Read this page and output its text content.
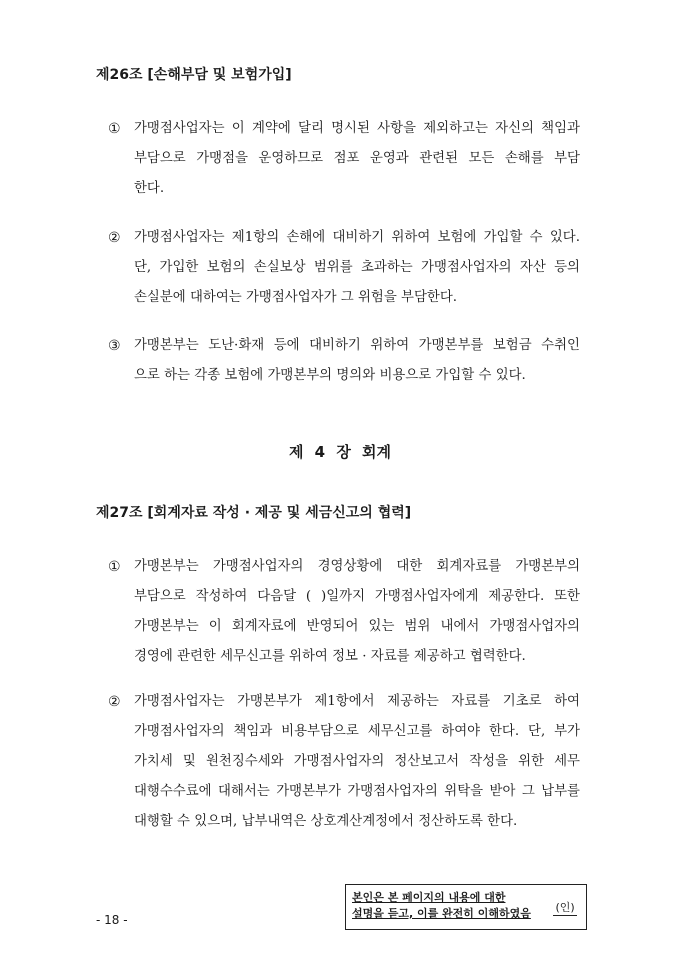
제26조 [손해부담 및 보험가입]
① 가맹점사업자는 이 계약에 달리 명시된 사항을 제외하고는 자신의 책임과
부담으로 가맹점을 운영하므로 점포 운영과 관련된 모든 손해를 부담
한다.
② 가맹점사업자는 제1항의 손해에 대비하기 위하여 보험에 가입할 수 있다.
단, 가입한 보험의 손실보상 범위를 초과하는 가맹점사업자의 자산 등의
손실분에 대하여는 가맹점사업자가 그 위험을 부담한다.
③ 가맹본부는 도난·화재 등에 대비하기 위하여 가맹본부를 보험금 수취인
으로 하는 각종 보험에 가맹본부의 명의와 비용으로 가입할 수 있다.
제 4 장 회계
제27조 [회계자료 작성 · 제공 및 세금신고의 협력]
① 가맹본부는 가맹점사업자의 경영상황에 대한 회계자료를 가맹본부의
부담으로 작성하여 다음달 ( )일까지 가맹점사업자에게 제공한다. 또한
가맹본부는 이 회계자료에 반영되어 있는 범위 내에서 가맹점사업자의
경영에 관련한 세무신고를 위하여 정보 · 자료를 제공하고 협력한다.
② 가맹점사업자는 가맹본부가 제1항에서 제공하는 자료를 기초로 하여
가맹점사업자의 책임과 비용부담으로 세무신고를 하여야 한다. 단, 부가
가치세 및 원천징수세와 가맹점사업자의 정산보고서 작성을 위한 세무
대행수수료에 대해서는 가맹본부가 가맹점사업자의 위탁을 받아 그 납부를
대행할 수 있으며, 납부내역은 상호계산계정에서 정산하도록 한다.
- 18 -
본인은 본 페이지의 내용에 대한
설명을 듣고, 이를 완전히 이해하였음	(인)
